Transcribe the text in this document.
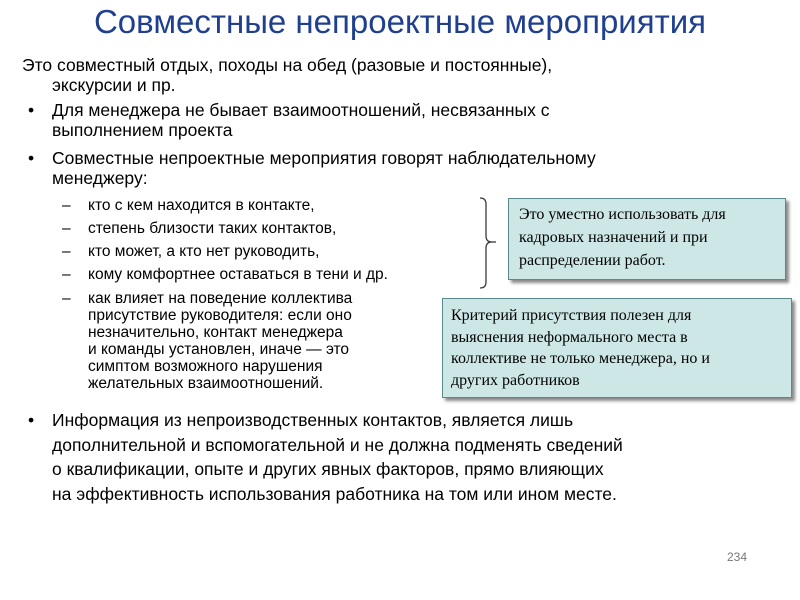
Совместные непроектные мероприятия
Это совместный отдых, походы на обед (разовые и постоянные),
экскурсии и пр.
•	Для менеджера не бывает взаимоотношений, несвязанных с
выполнением проекта
•	Совместные непроектные мероприятия говорят наблюдательному
менеджеру:
–	кто с кем находится в контакте,
–	степень близости таких контактов,
–	кто может, а кто нет руководить,
–	кому комфортнее оставаться в тени и др.
–	как влияет на поведение коллектива
присутствие руководителя: если оно
незначительно, контакт менеджера
и команды установлен, иначе — это
симптом возможного нарушения
желательных взаимоотношений.
Это уместно использовать для
кадровых назначений и при
распределении работ.
Критерий присутствия полезен для
выяснения неформального места в
коллективе не только менеджера, но и
других работников
•	Информация из непроизводственных контактов, является лишь
дополнительной и вспомогательной и не должна подменять сведений
о квалификации, опыте и других явных факторов, прямо влияющих
на эффективность использования работника на том или ином месте.
234
